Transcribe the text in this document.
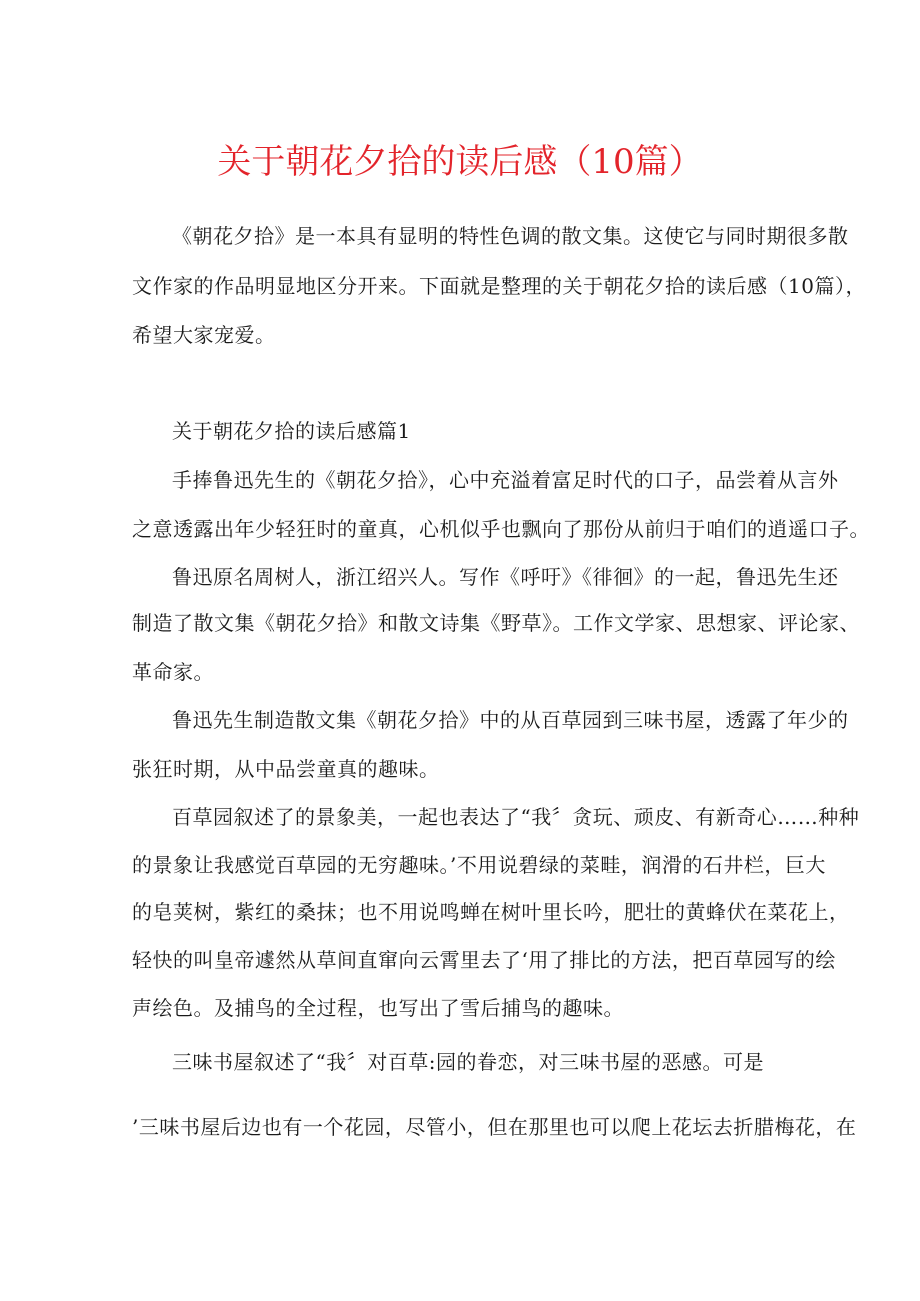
关于朝花夕拾的读后感（10篇）
《朝花夕拾》是一本具有显明的特性色调的散文集。这使它与同时期很多散
文作家的作品明显地区分开来。下面就是整理的关于朝花夕拾的读后感（10篇），
希望大家宠爱。
关于朝花夕拾的读后感篇1
手捧鲁迅先生的《朝花夕拾》，心中充溢着富足时代的口子，品尝着从言外
之意透露出年少轻狂时的童真，心机似乎也飘向了那份从前归于咱们的逍遥口子。
鲁迅原名周树人，浙江绍兴人。写作《呼吁》《徘徊》的一起，鲁迅先生还
制造了散文集《朝花夕拾》和散文诗集《野草》。工作文学家、思想家、评论家、
革命家。
鲁迅先生制造散文集《朝花夕拾》中的从百草园到三味书屋，透露了年少的
张狂时期，从中品尝童真的趣味。
百草园叙述了的景象美，一起也表达了“我〞贪玩、顽皮、有新奇心……种种
的景象让我感觉百草园的无穷趣味。’不用说碧绿的菜畦，润滑的石井栏，巨大
的皂荚树，紫红的桑抹；也不用说鸣蝉在树叶里长吟，肥壮的黄蜂伏在菜花上，
轻快的叫皇帝遽然从草间直窜向云霄里去了‘用了排比的方法，把百草园写的绘
声绘色。及捕鸟的全过程，也写出了雪后捕鸟的趣味。
三味书屋叙述了“我〞对百草:园的眷恋，对三味书屋的恶感。可是
’三味书屋后边也有一个花园，尽管小，但在那里也可以爬上花坛去折腊梅花，在
